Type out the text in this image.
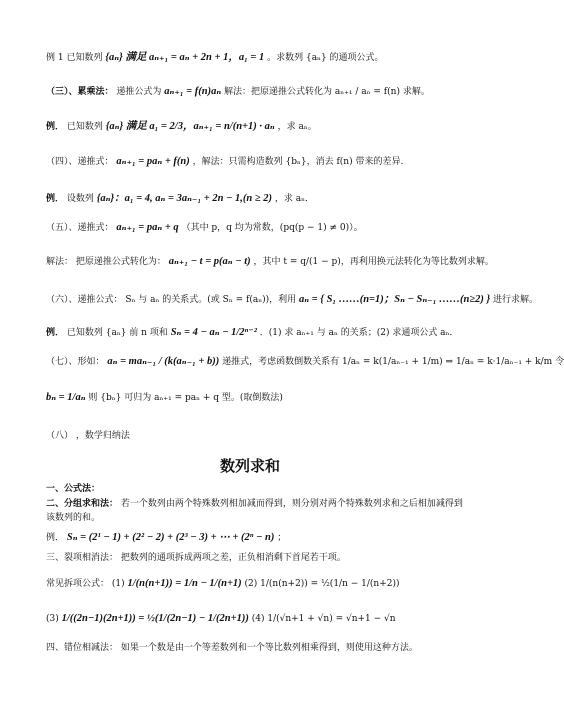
例 1 已知数列 {aₙ} 满足 aₙ₊₁ = aₙ + 2n + 1，a₁ = 1 。求数列 {aₙ} 的通项公式。
（三）、累乘法： 递推公式为 aₙ₊₁ = f(n)aₙ 解法：把原递推公式转化为 aₙ₊₁ / aₙ = f(n) 求解。
例． 已知数列 {aₙ} 满足 a₁ = 2/3，aₙ₊₁ = n/(n+1) · aₙ ，求 aₙ。
（四）、递推式： aₙ₊₁ = paₙ + f(n) ，解法：只需构造数列 {bₙ}，消去 f(n) 带来的差异.
例． 设数列 {aₙ}：a₁ = 4, aₙ = 3aₙ₋₁ + 2n − 1,(n ≥ 2) ，求 aₙ．
（五）、递推式： aₙ₊₁ = paₙ + q （其中 p，q 均为常数，(pq(p − 1) ≠ 0)）。
解法： 把原递推公式转化为： aₙ₊₁ − t = p(aₙ − t) ，其中 t = q/(1 − p)，再利用换元法转化为等比数列求解。
（六）、递推公式： Sₙ 与 aₙ 的关系式。(或 Sₙ = f(aₙ))，利用 aₙ = { S₁ ……(n=1)；Sₙ − Sₙ₋₁ ……(n≥2) } 进行求解。
例． 已知数列 {aₙ} 前 n 项和 Sₙ = 4 − aₙ − 1/2ⁿ⁻² ．(1) 求 aₙ₊₁ 与 aₙ 的关系；(2) 求通项公式 aₙ．
（七）、形如： aₙ = maₙ₋₁ / (k(aₙ₋₁ + b)) 递推式，考虑函数倒数关系有 1/aₙ = k(1/aₙ₋₁ + 1/m) ⇒ 1/aₙ = k·1/aₙ₋₁ + k/m 令
bₙ = 1/aₙ 则 {bₙ} 可归为 aₙ₊₁ = paₙ + q 型。(取倒数法)
（八） ，数学归纳法
数列求和
一、公式法：
二、分组求和法： 若一个数列由两个特殊数列相加减而得到，则分别对两个特殊数列求和之后相加减得到
该数列的和。
例． Sₙ = (2¹ − 1) + (2² − 2) + (2³ − 3) + ⋯ + (2ⁿ − n) ；
三、裂项相消法： 把数列的通项拆成两项之差，正负相消剩下首尾若干项。
常见拆项公式： (1) 1/(n(n+1)) = 1/n − 1/(n+1) (2) 1/(n(n+2)) = ½(1/n − 1/(n+2))
(3) 1/((2n−1)(2n+1)) = ½(1/(2n−1) − 1/(2n+1)) (4) 1/(√n+1 + √n) = √n+1 − √n
四、错位相减法： 如果一个数是由一个等差数列和一个等比数列相乘得到，则使用这种方法。
